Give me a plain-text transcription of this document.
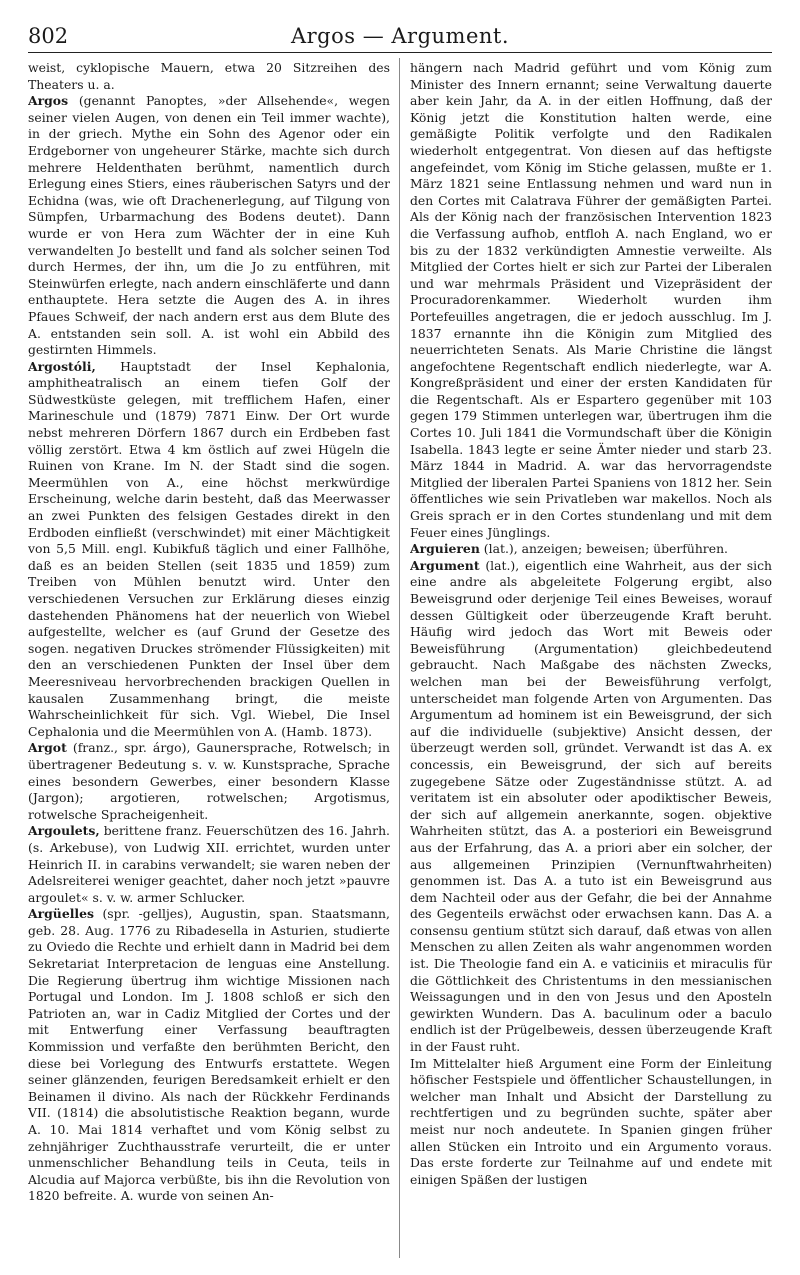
802	Argos — Argument.

weist, cyklopische Mauern, etwa 20 Sitzreihen des Theaters u. a.

Argos (genannt Panoptes, »der Allsehende«, wegen seiner vielen Augen, von denen ein Teil immer wachte), in der griech. Mythe ein Sohn des Agenor oder ein Erdgeborner von ungeheurer Stärke, machte sich durch mehrere Heldenthaten berühmt, namentlich durch Erlegung eines Stiers, eines räuberischen Satyrs und der Echidna (was, wie oft Drachenerlegung, auf Tilgung von Sümpfen, Urbarmachung des Bodens deutet). Dann wurde er von Hera zum Wächter der in eine Kuh verwandelten Jo bestellt und fand als solcher seinen Tod durch Hermes, der ihn, um die Jo zu entführen, mit Steinwürfen erlegte, nach andern einschläferte und dann enthauptete. Hera setzte die Augen des A. in ihres Pfaues Schweif, der nach andern erst aus dem Blute des A. entstanden sein soll. A. ist wohl ein Abbild des gestirnten Himmels.

Argostóli, Hauptstadt der Insel Kephalonia, amphitheatralisch an einem tiefen Golf der Südwestküste gelegen, mit trefflichem Hafen, einer Marineschule und (1879) 7871 Einw. Der Ort wurde nebst mehreren Dörfern 1867 durch ein Erdbeben fast völlig zerstört. Etwa 4 km östlich auf zwei Hügeln die Ruinen von Krane. Im N. der Stadt sind die sogen. Meermühlen von A., eine höchst merkwürdige Erscheinung, welche darin besteht, daß das Meerwasser an zwei Punkten des felsigen Gestades direkt in den Erdboden einfließt (verschwindet) mit einer Mächtigkeit von 5,5 Mill. engl. Kubikfuß täglich und einer Fallhöhe, daß es an beiden Stellen (seit 1835 und 1859) zum Treiben von Mühlen benutzt wird. Unter den verschiedenen Versuchen zur Erklärung dieses einzig dastehenden Phänomens hat der neuerlich von Wiebel aufgestellte, welcher es (auf Grund der Gesetze des sogen. negativen Druckes strömender Flüssigkeiten) mit den an verschiedenen Punkten der Insel über dem Meeresniveau hervorbrechenden brackigen Quellen in kausalen Zusammenhang bringt, die meiste Wahrscheinlichkeit für sich. Vgl. Wiebel, Die Insel Cephalonia und die Meermühlen von A. (Hamb. 1873).

Argot (franz., spr. árgo), Gaunersprache, Rotwelsch; in übertragener Bedeutung s. v. w. Kunstsprache, Sprache eines besondern Gewerbes, einer besondern Klasse (Jargon); argotieren, rotwelschen; Argotismus, rotwelsche Spracheigenheit.

Argoulets, berittene franz. Feuerschützen des 16. Jahrh. (s. Arkebuse), von Ludwig XII. errichtet, wurden unter Heinrich II. in carabins verwandelt; sie waren neben der Adelsreiterei weniger geachtet, daher noch jetzt »pauvre argoulet« s. v. w. armer Schlucker.

Argüelles (spr. -gelljes), Augustin, span. Staatsmann, geb. 28. Aug. 1776 zu Ribadesella in Asturien, studierte zu Oviedo die Rechte und erhielt dann in Madrid bei dem Sekretariat Interpretacion de lenguas eine Anstellung. Die Regierung übertrug ihm wichtige Missionen nach Portugal und London. Im J. 1808 schloß er sich den Patrioten an, war in Cadiz Mitglied der Cortes und der mit Entwerfung einer Verfassung beauftragten Kommission und verfaßte den berühmten Bericht, den diese bei Vorlegung des Entwurfs erstattete. Wegen seiner glänzenden, feurigen Beredsamkeit erhielt er den Beinamen il divino. Als nach der Rückkehr Ferdinands VII. (1814) die absolutistische Reaktion begann, wurde A. 10. Mai 1814 verhaftet und vom König selbst zu zehnjähriger Zuchthausstrafe verurteilt, die er unter unmenschlicher Behandlung teils in Ceuta, teils in Alcudia auf Majorca verbüßte, bis ihn die Revolution von 1820 befreite. A. wurde von seinen An-

hängern nach Madrid geführt und vom König zum Minister des Innern ernannt; seine Verwaltung dauerte aber kein Jahr, da A. in der eitlen Hoffnung, daß der König jetzt die Konstitution halten werde, eine gemäßigte Politik verfolgte und den Radikalen wiederholt entgegentrat. Von diesen auf das heftigste angefeindet, vom König im Stiche gelassen, mußte er 1. März 1821 seine Entlassung nehmen und ward nun in den Cortes mit Calatrava Führer der gemäßigten Partei. Als der König nach der französischen Intervention 1823 die Verfassung aufhob, entfloh A. nach England, wo er bis zu der 1832 verkündigten Amnestie verweilte. Als Mitglied der Cortes hielt er sich zur Partei der Liberalen und war mehrmals Präsident und Vizepräsident der Procuradorenkammer. Wiederholt wurden ihm Portefeuilles angetragen, die er jedoch ausschlug. Im J. 1837 ernannte ihn die Königin zum Mitglied des neuerrichteten Senats. Als Marie Christine die längst angefochtene Regentschaft endlich niederlegte, war A. Kongreßpräsident und einer der ersten Kandidaten für die Regentschaft. Als er Espartero gegenüber mit 103 gegen 179 Stimmen unterlegen war, übertrugen ihm die Cortes 10. Juli 1841 die Vormundschaft über die Königin Isabella. 1843 legte er seine Ämter nieder und starb 23. März 1844 in Madrid. A. war das hervorragendste Mitglied der liberalen Partei Spaniens von 1812 her. Sein öffentliches wie sein Privatleben war makellos. Noch als Greis sprach er in den Cortes stundenlang und mit dem Feuer eines Jünglings.

Arguieren (lat.), anzeigen; beweisen; überführen.

Argument (lat.), eigentlich eine Wahrheit, aus der sich eine andre als abgeleitete Folgerung ergibt, also Beweisgrund oder derjenige Teil eines Beweises, worauf dessen Gültigkeit oder überzeugende Kraft beruht. Häufig wird jedoch das Wort mit Beweis oder Beweisführung (Argumentation) gleichbedeutend gebraucht. Nach Maßgabe des nächsten Zwecks, welchen man bei der Beweisführung verfolgt, unterscheidet man folgende Arten von Argumenten. Das Argumentum ad hominem ist ein Beweisgrund, der sich auf die individuelle (subjektive) Ansicht dessen, der überzeugt werden soll, gründet. Verwandt ist das A. ex concessis, ein Beweisgrund, der sich auf bereits zugegebene Sätze oder Zugeständnisse stützt. A. ad veritatem ist ein absoluter oder apodiktischer Beweis, der sich auf allgemein anerkannte, sogen. objektive Wahrheiten stützt, das A. a posteriori ein Beweisgrund aus der Erfahrung, das A. a priori aber ein solcher, der aus allgemeinen Prinzipien (Vernunftwahrheiten) genommen ist. Das A. a tuto ist ein Beweisgrund aus dem Nachteil oder aus der Gefahr, die bei der Annahme des Gegenteils erwächst oder erwachsen kann. Das A. a consensu gentium stützt sich darauf, daß etwas von allen Menschen zu allen Zeiten als wahr angenommen worden ist. Die Theologie fand ein A. e vaticiniis et miraculis für die Göttlichkeit des Christentums in den messianischen Weissagungen und in den von Jesus und den Aposteln gewirkten Wundern. Das A. baculinum oder a baculo endlich ist der Prügelbeweis, dessen überzeugende Kraft in der Faust ruht.

Im Mittelalter hieß Argument eine Form der Einleitung höfischer Festspiele und öffentlicher Schaustellungen, in welcher man Inhalt und Absicht der Darstellung zu rechtfertigen und zu begründen suchte, später aber meist nur noch andeutete. In Spanien gingen früher allen Stücken ein Introito und ein Argumento voraus. Das erste forderte zur Teilnahme auf und endete mit einigen Späßen der lustigen
